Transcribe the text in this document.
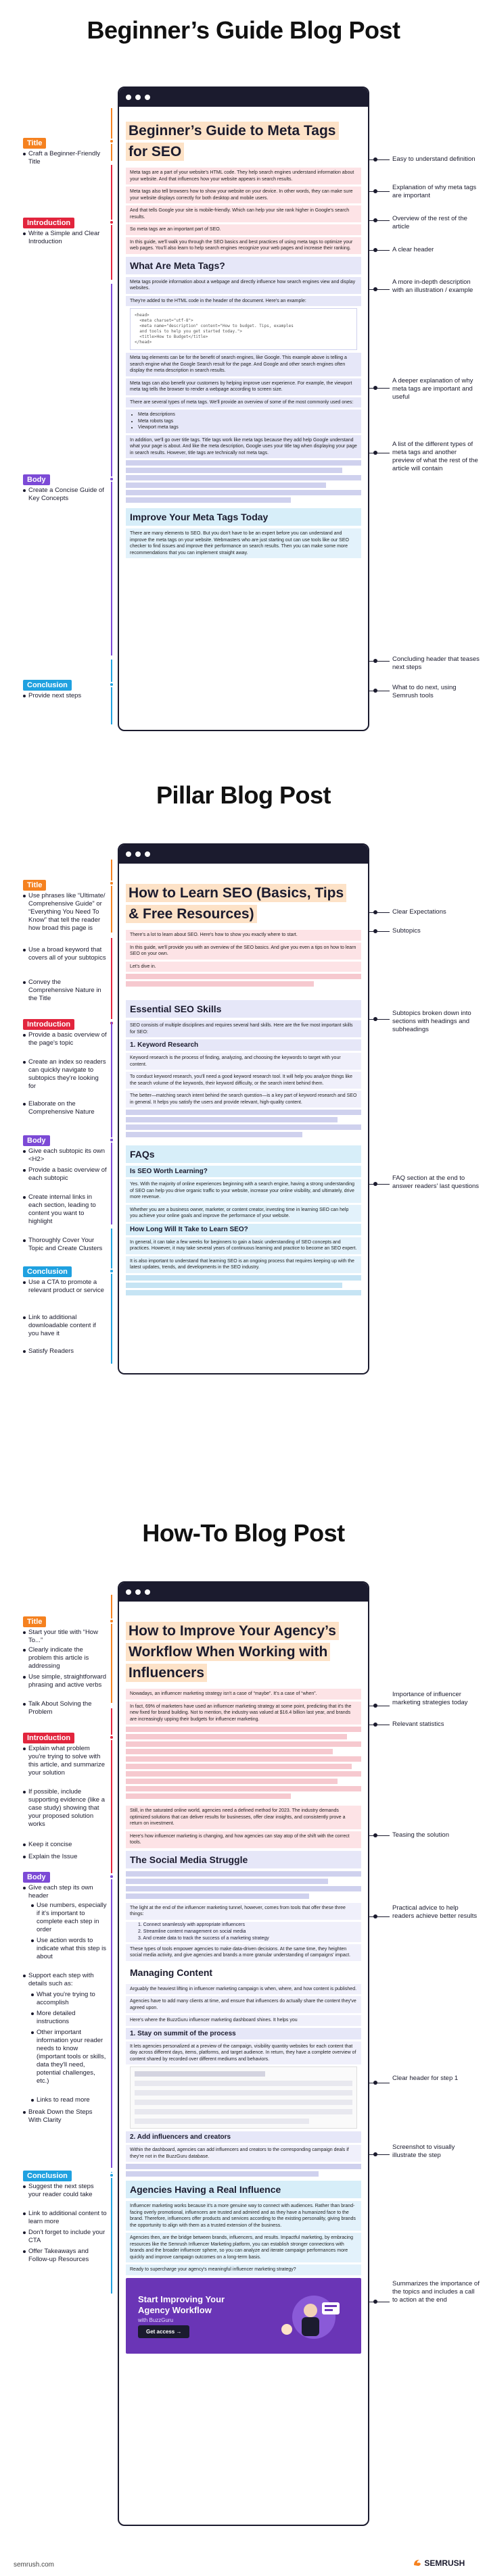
Beginner’s Guide Blog Post
Title
Craft a Beginner-Friendly Title
Introduction
Write a Simple and Clear Introduction
Body
Create a Concise Guide of Key Concepts
Conclusion
Provide next steps
Beginner’s Guide to Meta Tags for SEO
Meta tags are a part of your website's HTML code. They help search engines understand information about your website. And that influences how your website appears in search results.
Meta tags also tell browsers how to show your website on your device. In other words, they can make sure your website displays correctly for both desktop and mobile users.
And that tells Google your site is mobile-friendly. Which can help your site rank higher in Google's search results.
So meta tags are an important part of SEO.
In this guide, we'll walk you through the SEO basics and best practices of using meta tags to optimize your web pages. You'll also learn to help search engines recognize your web pages and increase their ranking.
What Are Meta Tags?
Meta tags provide information about a webpage and directly influence how search engines view and display websites.
They're added to the HTML code in the header of the document. Here's an example:
<head>
<meta charset="utf-8">
<meta name="description" content="How to budget. Tips, examples
and tools to help you get started today.">
<title>How to Budget</title>
</head>
Meta tag elements can be for the benefit of search engines, like Google. This example above is telling a search engine what the Google Search result for the page. And Google and other search engines often display the meta description in search results.
Meta tags can also benefit your customers by helping improve user experience. For example, the viewport meta tag tells the browser to render a webpage according to screen size.
There are several types of meta tags. We'll provide an overview of some of the most commonly used ones:
• Meta descriptions
• Meta robots tags
• Viewport meta tags
In addition, we'll go over title tags. Title tags work like meta tags because they add help Google understand what your page is about. And like the meta description, Google uses your title tag when displaying your page in search results. However, title tags are technically not meta tags.
Improve Your Meta Tags Today
There are many elements to SEO. But you don't have to be an expert before you can understand and improve the meta tags on your website. Webmasters who are just starting out can use tools like our SEO checker to find issues and improve their performance on search results. Then you can make some more recommendations that you can implement straight away.
Easy to understand definition
Explanation of why meta tags are important
Overview of the rest of the article
A clear header
A more in-depth description with an illustration / example
A deeper explanation of why meta tags are important and useful
A list of the different types of meta tags and another preview of what the rest of the article will contain
Concluding header that teases next steps
What to do next, using Semrush tools
Pillar Blog Post
Title
Use phrases like “Ultimate/ Comprehensive Guide” or “Everything You Need To Know” that tell the reader how broad this page is
Use a broad keyword that covers all of your subtopics
Convey the Comprehensive Nature in the Title
Introduction
Provide a basic overview of the page's topic
Create an index so readers can quickly navigate to subtopics they're looking for
Elaborate on the Comprehensive Nature
Body
Give each subtopic its own <H2>
Provide a basic overview of each subtopic
Create internal links in each section, leading to content you want to highlight
Thoroughly Cover Your Topic and Create Clusters
Conclusion
Use a CTA to promote a relevant product or service
Link to additional downloadable content if you have it
Satisfy Readers
How to Learn SEO (Basics, Tips & Free Resources)
There's a lot to learn about SEO. Here's how to show you exactly where to start.
In this guide, we'll provide you with an overview of the SEO basics. And give you even a tips on how to learn SEO on your own.
Let's dive in.
Essential SEO Skills
SEO consists of multiple disciplines and requires several hard skills. Here are the five most important skills for SEO:
1. Keyword Research
Keyword research is the process of finding, analyzing, and choosing the keywords to target with your content.
To conduct keyword research, you'll need a good keyword research tool. It will help you analyze things like the search volume of the keywords, their keyword difficulty, or the search intent behind them.
The better—matching search intent behind the search question—is a key part of keyword research and SEO in general. It helps you satisfy the users and provide relevant, high-quality content.
FAQs
Is SEO Worth Learning?
Yes. With the majority of online experiences beginning with a search engine, having a strong understanding of SEO can help you drive organic traffic to your website, increase your online visibility, and ultimately, drive more revenue.
Whether you are a business owner, marketer, or content creator, investing time in learning SEO can help you achieve your online goals and improve the performance of your website.
How Long Will It Take to Learn SEO?
In general, it can take a few weeks for beginners to gain a basic understanding of SEO concepts and practices. However, it may take several years of continuous learning and practice to become an SEO expert.
It is also important to understand that learning SEO is an ongoing process that requires keeping up with the latest updates, trends, and developments in the SEO industry.
Clear Expectations
Subtopics
Subtopics broken down into sections with headings and subheadings
FAQ section at the end to answer readers' last questions
How-To Blog Post
Title
Start your title with “How To...”
Clearly indicate the problem this article is addressing
Use simple, straightforward phrasing and active verbs
Talk About Solving the Problem
Introduction
Explain what problem you're trying to solve with this article, and summarize your solution
If possible, include supporting evidence (like a case study) showing that your proposed solution works
Keep it concise
Explain the Issue
Body
Give each step its own header
Use numbers, especially if it's important to complete each step in order
Use action words to indicate what this step is about
Support each step with details such as:
What you're trying to accomplish
More detailed instructions
Other important information your reader needs to know (important tools or skills, data they'll need, potential challenges, etc.)
Links to read more
Break Down the Steps With Clarity
Conclusion
Suggest the next steps your reader could take
Link to additional content to learn more
Don't forget to include your CTA
Offer Takeaways and Follow-up Resources
How to Improve Your Agency’s Workflow When Working with Influencers
Nowadays, an influencer marketing strategy isn't a case of “maybe”. It's a case of “when”.
In fact, 69% of marketers have used an influencer marketing strategy at some point, predicting that it's the new fixed for brand building. Not to mention, the industry was valued at $16.4 billion last year, and brands are increasingly upping their budgets for influencer marketing.
Still, in the saturated online world, agencies need a defined method for 2023. The industry demands optimized solutions that can deliver results for businesses, offer clear insights, and consistently prove a return on investment.
Here's how influencer marketing is changing, and how agencies can stay atop of the shift with the correct tools.
The Social Media Struggle
The light at the end of the influencer marketing tunnel, however, comes from tools that offer these three things:
1. Connect seamlessly with appropriate influencers
2. Streamline content management on social media
3. And create data to track the success of a marketing strategy
These types of tools empower agencies to make data-driven decisions. At the same time, they heighten social media activity, and give agencies and brands a more granular understanding of campaigns' impact.
Managing Content
Arguably the heaviest lifting in influencer marketing campaign is when, where, and how content is published.
Agencies have to add many clients at time, and ensure that influencers do actually share the content they've agreed upon.
Here's where the BuzzGuru influencer marketing dashboard shines. It helps you
1. Stay on summit of the process
It lets agencies personalized at a preview of the campaign, visibility quantity websites for each content that day across different days, items, platforms, and target audience. In return, they have a complete overview of content shared by recorded over different mediums and behaviors.
2. Add influencers and creators
Within the dashboard, agencies can add influencers and creators to the corresponding campaign deals if they're not in the BuzzGuru database.
Agencies Having a Real Influence
Influencer marketing works because it's a more genuine way to connect with audiences. Rather than brand-facing overly promotional, influencers are trusted and admired and as they have a humanized face to the brand. Therefore, influencers offer products and services according to the existing personality, giving brands the opportunity to align with them as a trusted extension of the business.
Agencies then, are the bridge between brands, influencers, and results. Impactful marketing, by embracing resources like the Semrush Influencer Marketing platform, you can establish stronger connections with brands and the broader influencer sphere, so you can analyze and iterate campaign performances more quickly and improve campaign outcomes on a long-term basis.
Ready to supercharge your agency's meaningful influencer marketing strategy?
Start Improving Your Agency Workflow
with BuzzGuru
Get access →
Importance of influencer marketing strategies today
Relevant statistics
Teasing the solution
Practical advice to help readers achieve better results
Clear header for step 1
Screenshot to visually illustrate the step
Summarizes the importance of the topics and includes a call to action at the end
semrush.com	SEMRUSH
